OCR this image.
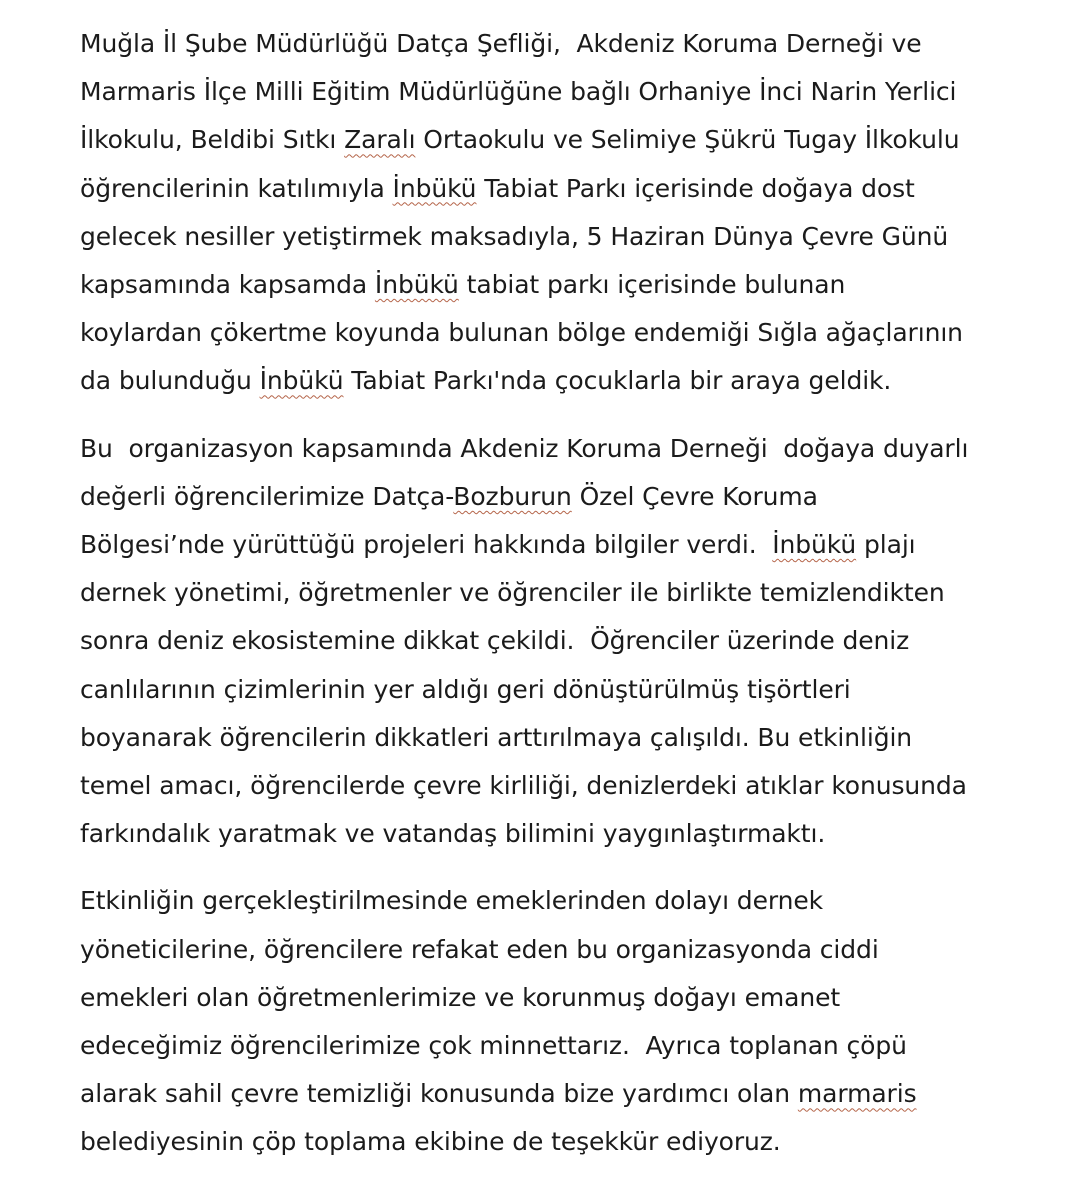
Muğla İl Şube Müdürlüğü Datça Şefliği,  Akdeniz Koruma Derneği ve
Marmaris İlçe Milli Eğitim Müdürlüğüne bağlı Orhaniye İnci Narin Yerlici
İlkokulu, Beldibi Sıtkı Zaralı Ortaokulu ve Selimiye Şükrü Tugay İlkokulu
öğrencilerinin katılımıyla İnbükü Tabiat Parkı içerisinde doğaya dost
gelecek nesiller yetiştirmek maksadıyla, 5 Haziran Dünya Çevre Günü
kapsamında kapsamda İnbükü tabiat parkı içerisinde bulunan
koylardan çökertme koyunda bulunan bölge endemiği Sığla ağaçlarının
da bulunduğu İnbükü Tabiat Parkı'nda çocuklarla bir araya geldik.

Bu  organizasyon kapsamında Akdeniz Koruma Derneği  doğaya duyarlı
değerli öğrencilerimize Datça-Bozburun Özel Çevre Koruma
Bölgesi’nde yürüttüğü projeleri hakkında bilgiler verdi.  İnbükü plajı
dernek yönetimi, öğretmenler ve öğrenciler ile birlikte temizlendikten
sonra deniz ekosistemine dikkat çekildi.  Öğrenciler üzerinde deniz
canlılarının çizimlerinin yer aldığı geri dönüştürülmüş tişörtleri
boyanarak öğrencilerin dikkatleri arttırılmaya çalışıldı. Bu etkinliğin
temel amacı, öğrencilerde çevre kirliliği, denizlerdeki atıklar konusunda
farkındalık yaratmak ve vatandaş bilimini yaygınlaştırmaktı.

Etkinliğin gerçekleştirilmesinde emeklerinden dolayı dernek
yöneticilerine, öğrencilere refakat eden bu organizasyonda ciddi
emekleri olan öğretmenlerimize ve korunmuş doğayı emanet
edeceğimiz öğrencilerimize çok minnettarız.  Ayrıca toplanan çöpü
alarak sahil çevre temizliği konusunda bize yardımcı olan marmaris
belediyesinin çöp toplama ekibine de teşekkür ediyoruz.
